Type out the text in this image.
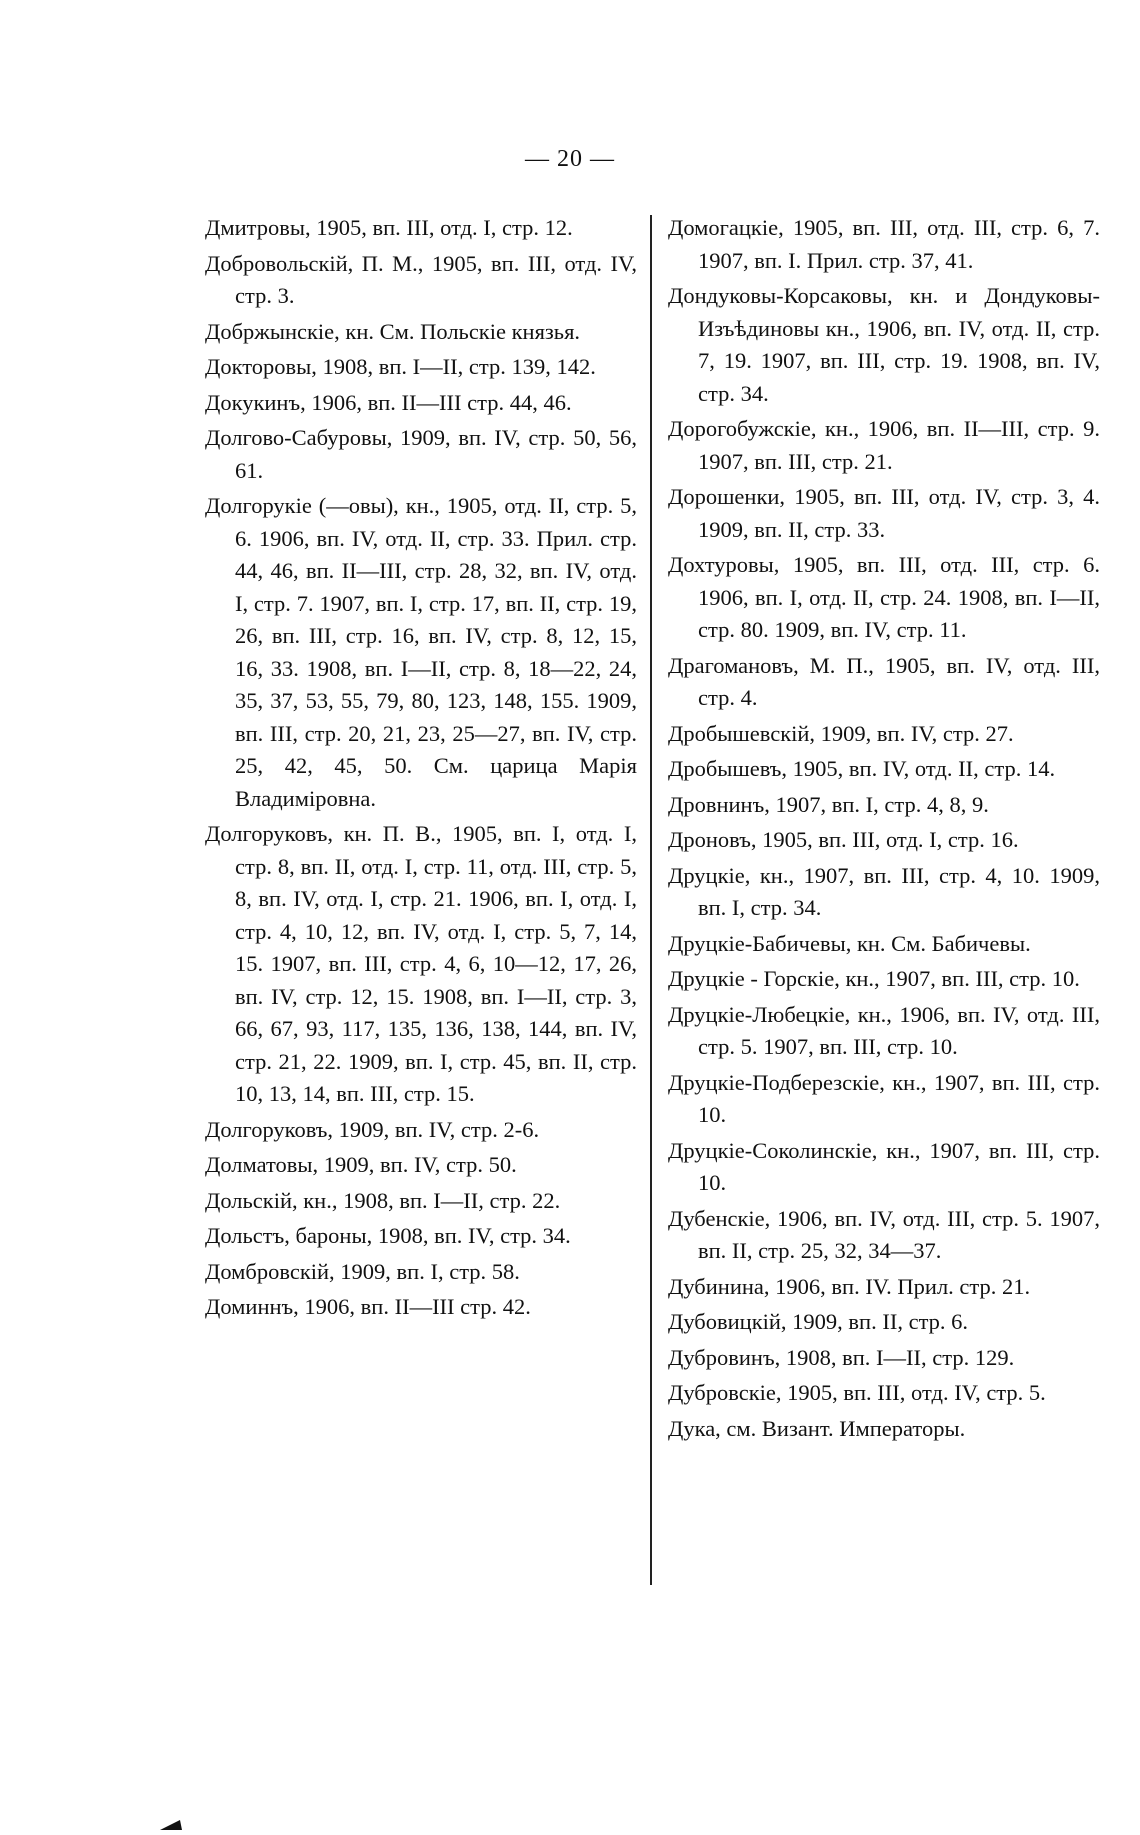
— 20 —

Дмитровы, 1905, вп. III, отд. I, стр. 12.

Добровольскій, П. М., 1905, вп. III, отд. IV, стр. 3.

Добржынскіе, кн. См. Польскіе князья.

Докторовы, 1908, вп. I—II, стр. 139, 142.

Докукинъ, 1906, вп. II—III стр. 44, 46.

Долгово-Сабуровы, 1909, вп. IV, стр. 50, 56, 61.

Долгорукіе (—овы), кн., 1905, отд. II, стр. 5, 6. 1906, вп. IV, отд. II, стр. 33. Прил. стр. 44, 46, вп. II—III, стр. 28, 32, вп. IV, отд. I, стр. 7. 1907, вп. I, стр. 17, вп. II, стр. 19, 26, вп. III, стр. 16, вп. IV, стр. 8, 12, 15, 16, 33. 1908, вп. I—II, стр. 8, 18—22, 24, 35, 37, 53, 55, 79, 80, 123, 148, 155. 1909, вп. III, стр. 20, 21, 23, 25—27, вп. IV, стр. 25, 42, 45, 50. См. царица Марія Владиміровна.

Долгоруковъ, кн. П. В., 1905, вп. I, отд. I, стр. 8, вп. II, отд. I, стр. 11, отд. III, стр. 5, 8, вп. IV, отд. I, стр. 21. 1906, вп. I, отд. I, стр. 4, 10, 12, вп. IV, отд. I, стр. 5, 7, 14, 15. 1907, вп. III, стр. 4, 6, 10—12, 17, 26, вп. IV, стр. 12, 15. 1908, вп. I—II, стр. 3, 66, 67, 93, 117, 135, 136, 138, 144, вп. IV, стр. 21, 22. 1909, вп. I, стр. 45, вп. II, стр. 10, 13, 14, вп. III, стр. 15.

Долгоруковъ, 1909, вп. IV, стр. 2-6.

Долматовы, 1909, вп. IV, стр. 50.

Дольскій, кн., 1908, вп. I—II, стр. 22.

Дольстъ, бароны, 1908, вп. IV, стр. 34.

Домбровскій, 1909, вп. I, стр. 58.

Доминнъ, 1906, вп. II—III стр. 42.

Домогацкіе, 1905, вп. III, отд. III, стр. 6, 7. 1907, вп. I. Прил. стр. 37, 41.

Дондуковы-Корсаковы, кн. и Дондуковы-Изъѣдиновы кн., 1906, вп. IV, отд. II, стр. 7, 19. 1907, вп. III, стр. 19. 1908, вп. IV, стр. 34.

Дорогобужскіе, кн., 1906, вп. II—III, стр. 9. 1907, вп. III, стр. 21.

Дорошенки, 1905, вп. III, отд. IV, стр. 3, 4. 1909, вп. II, стр. 33.

Дохтуровы, 1905, вп. III, отд. III, стр. 6. 1906, вп. I, отд. II, стр. 24. 1908, вп. I—II, стр. 80. 1909, вп. IV, стр. 11.

Драгомановъ, М. П., 1905, вп. IV, отд. III, стр. 4.

Дробышевскій, 1909, вп. IV, стр. 27.

Дробышевъ, 1905, вп. IV, отд. II, стр. 14.

Дровнинъ, 1907, вп. I, стр. 4, 8, 9.

Дроновъ, 1905, вп. III, отд. I, стр. 16.

Друцкіе, кн., 1907, вп. III, стр. 4, 10. 1909, вп. I, стр. 34.

Друцкіе-Бабичевы, кн. См. Бабичевы.

Друцкіе - Горскіе, кн., 1907, вп. III, стр. 10.

Друцкіе-Любецкіе, кн., 1906, вп. IV, отд. III, стр. 5. 1907, вп. III, стр. 10.

Друцкіе-Подберезскіе, кн., 1907, вп. III, стр. 10.

Друцкіе-Соколинскіе, кн., 1907, вп. III, стр. 10.

Дубенскіе, 1906, вп. IV, отд. III, стр. 5. 1907, вп. II, стр. 25, 32, 34—37.

Дубинина, 1906, вп. IV. Прил. стр. 21.

Дубовицкій, 1909, вп. II, стр. 6.

Дубровинъ, 1908, вп. I—II, стр. 129.

Дубровскіе, 1905, вп. III, отд. IV, стр. 5.

Дука, см. Визант. Императоры.
